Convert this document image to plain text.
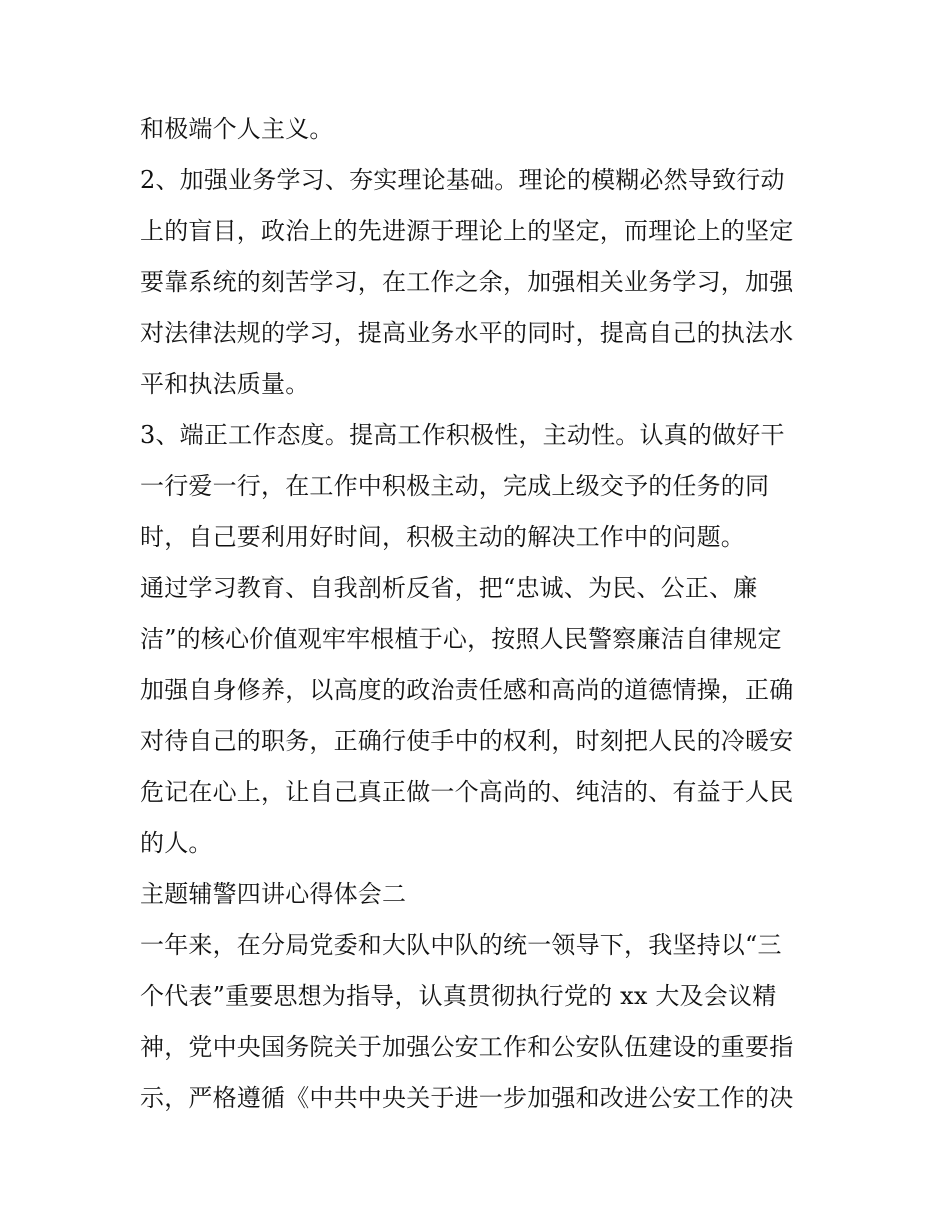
和极端个人主义。
2、加强业务学习、夯实理论基础。理论的模糊必然导致行动
上的盲目，政治上的先进源于理论上的坚定，而理论上的坚定
要靠系统的刻苦学习，在工作之余，加强相关业务学习，加强
对法律法规的学习，提高业务水平的同时，提高自己的执法水
平和执法质量。
3、端正工作态度。提高工作积极性，主动性。认真的做好干
一行爱一行，在工作中积极主动，完成上级交予的任务的同
时，自己要利用好时间，积极主动的解决工作中的问题。
通过学习教育、自我剖析反省，把“忠诚、为民、公正、廉
洁”的核心价值观牢牢根植于心，按照人民警察廉洁自律规定
加强自身修养，以高度的政治责任感和高尚的道德情操，正确
对待自己的职务，正确行使手中的权利，时刻把人民的冷暖安
危记在心上，让自己真正做一个高尚的、纯洁的、有益于人民
的人。
主题辅警四讲心得体会二
一年来，在分局党委和大队中队的统一领导下，我坚持以“三
个代表”重要思想为指导，认真贯彻执行党的 xx 大及会议精
神，党中央国务院关于加强公安工作和公安队伍建设的重要指
示，严格遵循《中共中央关于进一步加强和改进公安工作的决
